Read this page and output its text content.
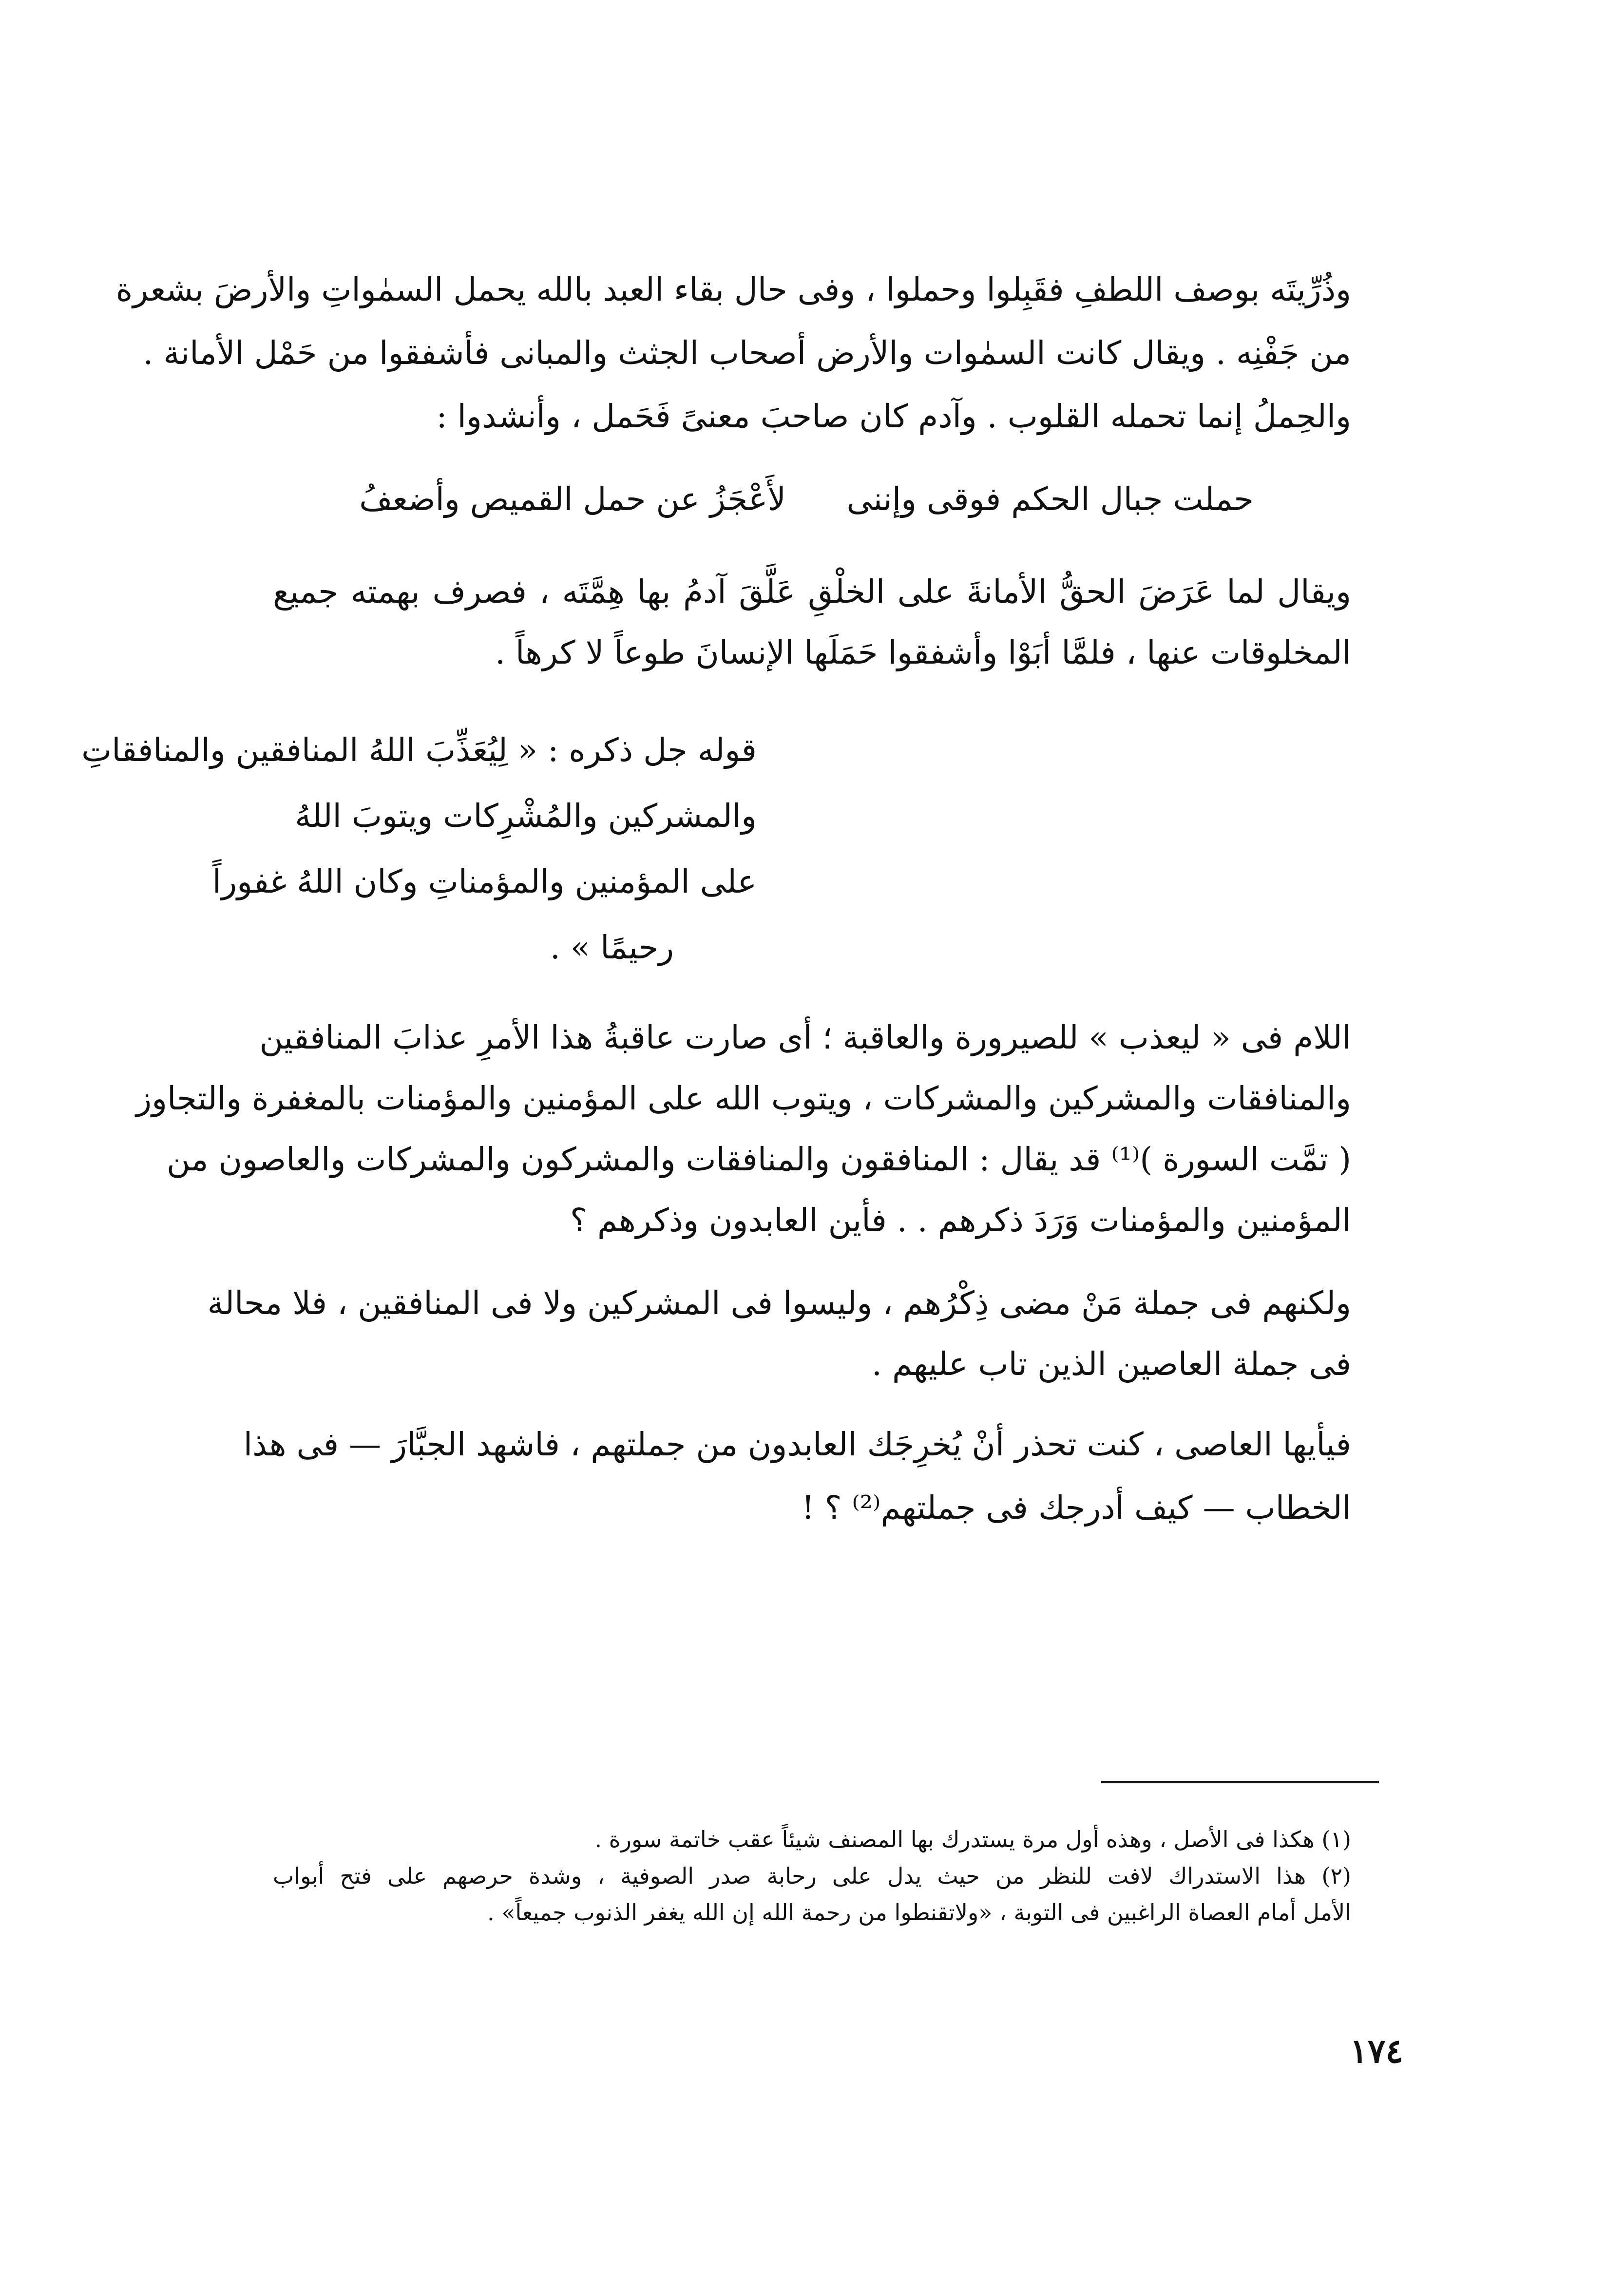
وذُرِّيتَه بوصف اللطفِ فقَبِلوا وحملوا ، وفى حال بقاء العبد بالله يحمل السمٰواتِ والأرضَ بشعرة
من جَفْنِه . ويقال كانت السمٰوات والأرض أصحاب الجثث والمبانى فأشفقوا من حَمْل الأمانة .
والحِملُ إنما تحمله القلوب . وآدم كان صاحبَ معنىً فَحَمل ، وأنشدوا :
حملت جبال الحكم فوقى وإننى
لأَعْجَزُ عن حمل القميص وأضعفُ
ويقال لما عَرَضَ الحقُّ الأمانةَ على الخلْقِ عَلَّقَ آدمُ بها هِمَّتَه ، فصرف بهمته جميع
المخلوقات عنها ، فلمَّا أبَوْا وأشفقوا حَمَلَها الإنسانَ طوعاً لا كرهاً .
قوله جل ذكره : « لِيُعَذِّبَ اللهُ المنافقين والمنافقاتِ
والمشركين والمُشْرِكات ويتوبَ اللهُ
على المؤمنين والمؤمناتِ وكان اللهُ غفوراً
رحيمًا » .
اللام فى « ليعذب » للصيرورة والعاقبة ؛ أى صارت عاقبةُ هذا الأمرِ عذابَ المنافقين
والمنافقات والمشركين والمشركات ، ويتوب الله على المؤمنين والمؤمنات بالمغفرة والتجاوز
( تمَّت السورة )⁽¹⁾ قد يقال : المنافقون والمنافقات والمشركون والمشركات والعاصون من
المؤمنين والمؤمنات وَرَدَ ذكرهم . . فأين العابدون وذكرهم ؟
ولكنهم فى جملة مَنْ مضى ذِكْرُهم ، وليسوا فى المشركين ولا فى المنافقين ، فلا محالة
فى جملة العاصين الذين تاب عليهم .
فيأيها العاصى ، كنت تحذر أنْ يُخرِجَك العابدون من جملتهم ، فاشهد الجبَّارَ — فى هذا
الخطاب — كيف أدرجك فى جملتهم⁽²⁾ ؟ !
(١) هكذا فى الأصل ، وهذه أول مرة يستدرك بها المصنف شيئاً عقب خاتمة سورة .
(٢) هذا الاستدراك لافت للنظر من حيث يدل على رحابة صدر الصوفية ، وشدة حرصهم على فتح أبواب
الأمل أمام العصاة الراغبين فى التوبة ، «ولاتقنطوا من رحمة الله إن الله يغفر الذنوب جميعاً» .
١٧٤
